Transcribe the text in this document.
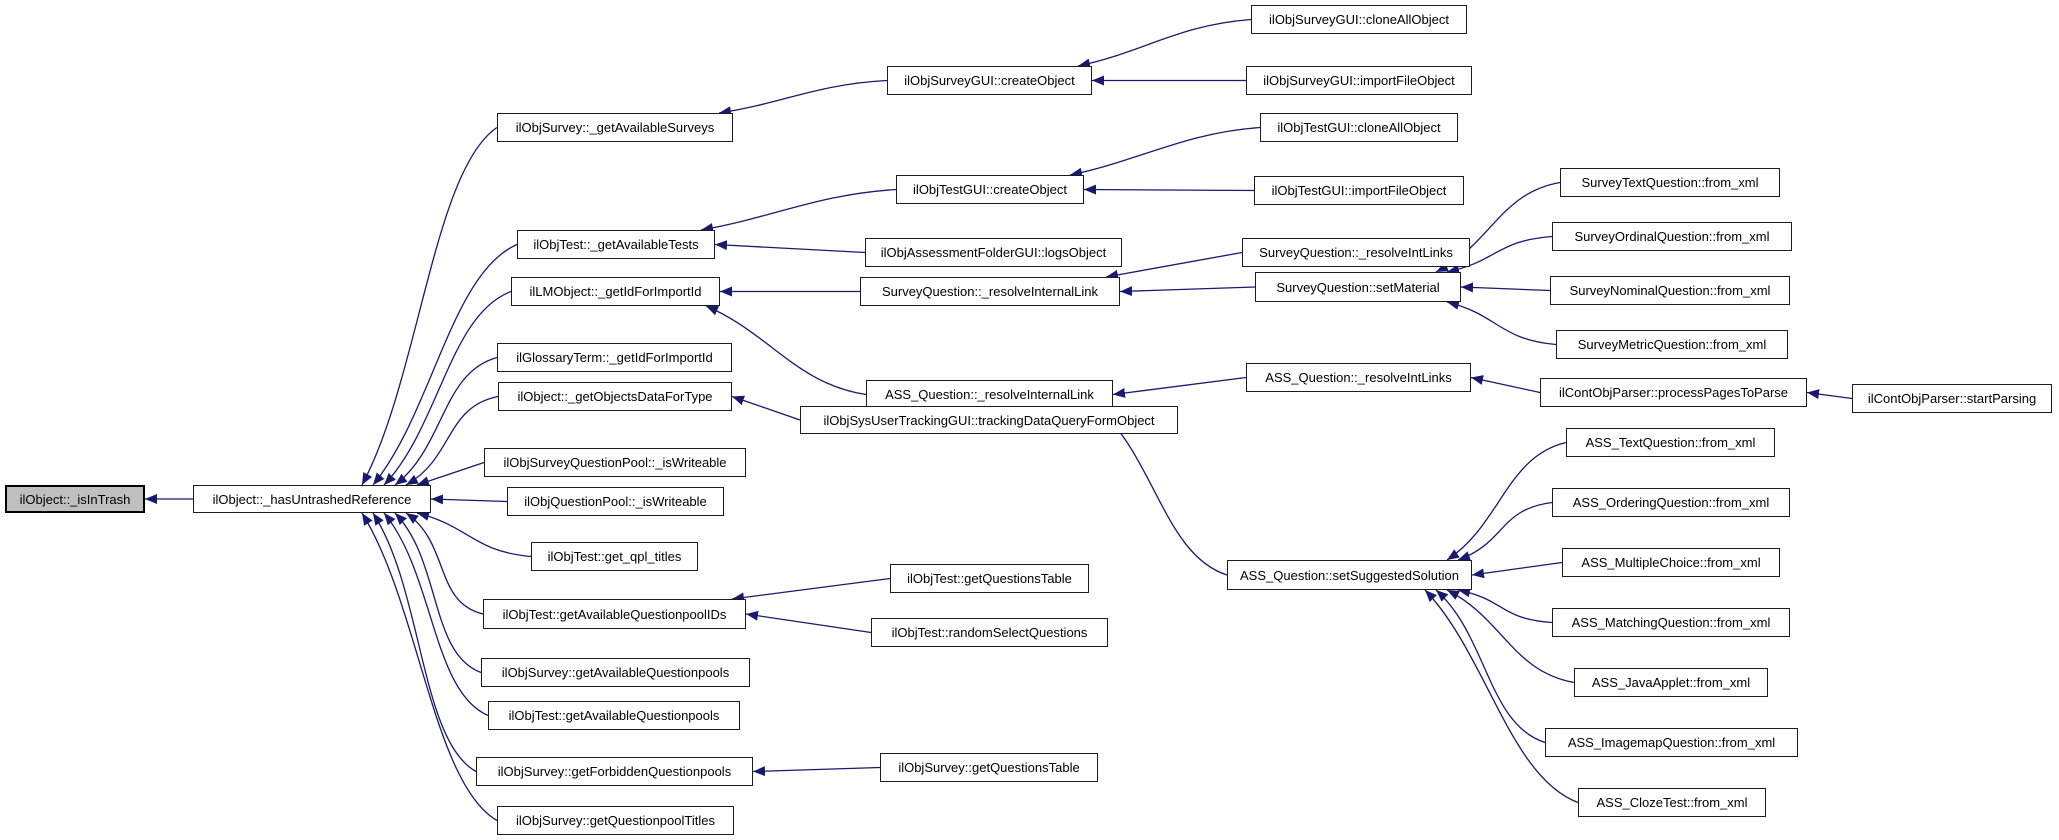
ilObject::_isInTrash	ilObject::_hasUntrashedReference
ilObjSurvey::_getAvailableSurveys
ilObjSurveyGUI::createObject
ilObjSurveyGUI::cloneAllObject
ilObjSurveyGUI::importFileObject
ilObjTest::_getAvailableTests
ilObjTestGUI::createObject
ilObjTestGUI::cloneAllObject
ilObjTestGUI::importFileObject
ilObjAssessmentFolderGUI::logsObject	SurveyQuestion::_resolveIntLinks
ilLMObject::_getIdForImportId	SurveyQuestion::_resolveInternalLink	SurveyQuestion::setMaterial
SurveyTextQuestion::from_xml
SurveyOrdinalQuestion::from_xml
SurveyNominalQuestion::from_xml
SurveyMetricQuestion::from_xml
ilGlossaryTerm::_getIdForImportId
ASS_Question::_resolveInternalLink
ASS_Question::_resolveIntLinks
ilContObjParser::processPagesToParse	ilContObjParser::startParsing
ilObject::_getObjectsDataForType
ilObjSysUserTrackingGUI::trackingDataQueryFormObject
ilObjSurveyQuestionPool::_isWriteable
ilObjQuestionPool::_isWriteable
ilObjTest::get_qpl_titles
ilObjTest::getAvailableQuestionpoolIDs
ilObjTest::getQuestionsTable
ilObjTest::randomSelectQuestions
ilObjSurvey::getAvailableQuestionpools
ilObjTest::getAvailableQuestionpools
ilObjSurvey::getForbiddenQuestionpools	ilObjSurvey::getQuestionsTable
ilObjSurvey::getQuestionpoolTitles
ASS_Question::setSuggestedSolution
ASS_TextQuestion::from_xml
ASS_OrderingQuestion::from_xml
ASS_MultipleChoice::from_xml
ASS_MatchingQuestion::from_xml
ASS_JavaApplet::from_xml
ASS_ImagemapQuestion::from_xml
ASS_ClozeTest::from_xml
